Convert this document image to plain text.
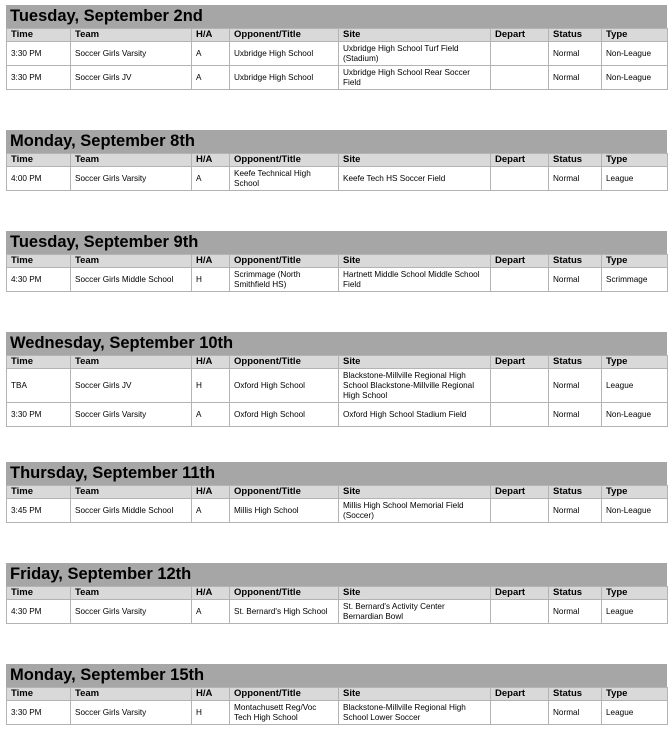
Tuesday, September 2nd
Time	Team	H/A	Opponent/Title	Site	Depart	Status	Type
3:30 PM	Soccer Girls Varsity	A	Uxbridge High School	Uxbridge High School Turf Field (Stadium)		Normal	Non-League
3:30 PM	Soccer Girls JV	A	Uxbridge High School	Uxbridge High School Rear Soccer Field		Normal	Non-League
Monday, September 8th
Time	Team	H/A	Opponent/Title	Site	Depart	Status	Type
4:00 PM	Soccer Girls Varsity	A	Keefe Technical High School	Keefe Tech HS Soccer Field		Normal	League
Tuesday, September 9th
Time	Team	H/A	Opponent/Title	Site	Depart	Status	Type
4:30 PM	Soccer Girls Middle School	H	Scrimmage (North Smithfield HS)	Hartnett Middle School Middle School Field		Normal	Scrimmage
Wednesday, September 10th
Time	Team	H/A	Opponent/Title	Site	Depart	Status	Type
TBA	Soccer Girls JV	H	Oxford High School	Blackstone-Millville Regional High School Blackstone-Millville Regional High School		Normal	League
3:30 PM	Soccer Girls Varsity	A	Oxford High School	Oxford High School Stadium Field		Normal	Non-League
Thursday, September 11th
Time	Team	H/A	Opponent/Title	Site	Depart	Status	Type
3:45 PM	Soccer Girls Middle School	A	Millis High School	Millis High School Memorial Field (Soccer)		Normal	Non-League
Friday, September 12th
Time	Team	H/A	Opponent/Title	Site	Depart	Status	Type
4:30 PM	Soccer Girls Varsity	A	St. Bernard's High School	St. Bernard's Activity Center Bernardian Bowl		Normal	League
Monday, September 15th
Time	Team	H/A	Opponent/Title	Site	Depart	Status	Type
3:30 PM	Soccer Girls Varsity	H	Montachusett Reg/Voc Tech High School	Blackstone-Millville Regional High School Lower Soccer		Normal	League
